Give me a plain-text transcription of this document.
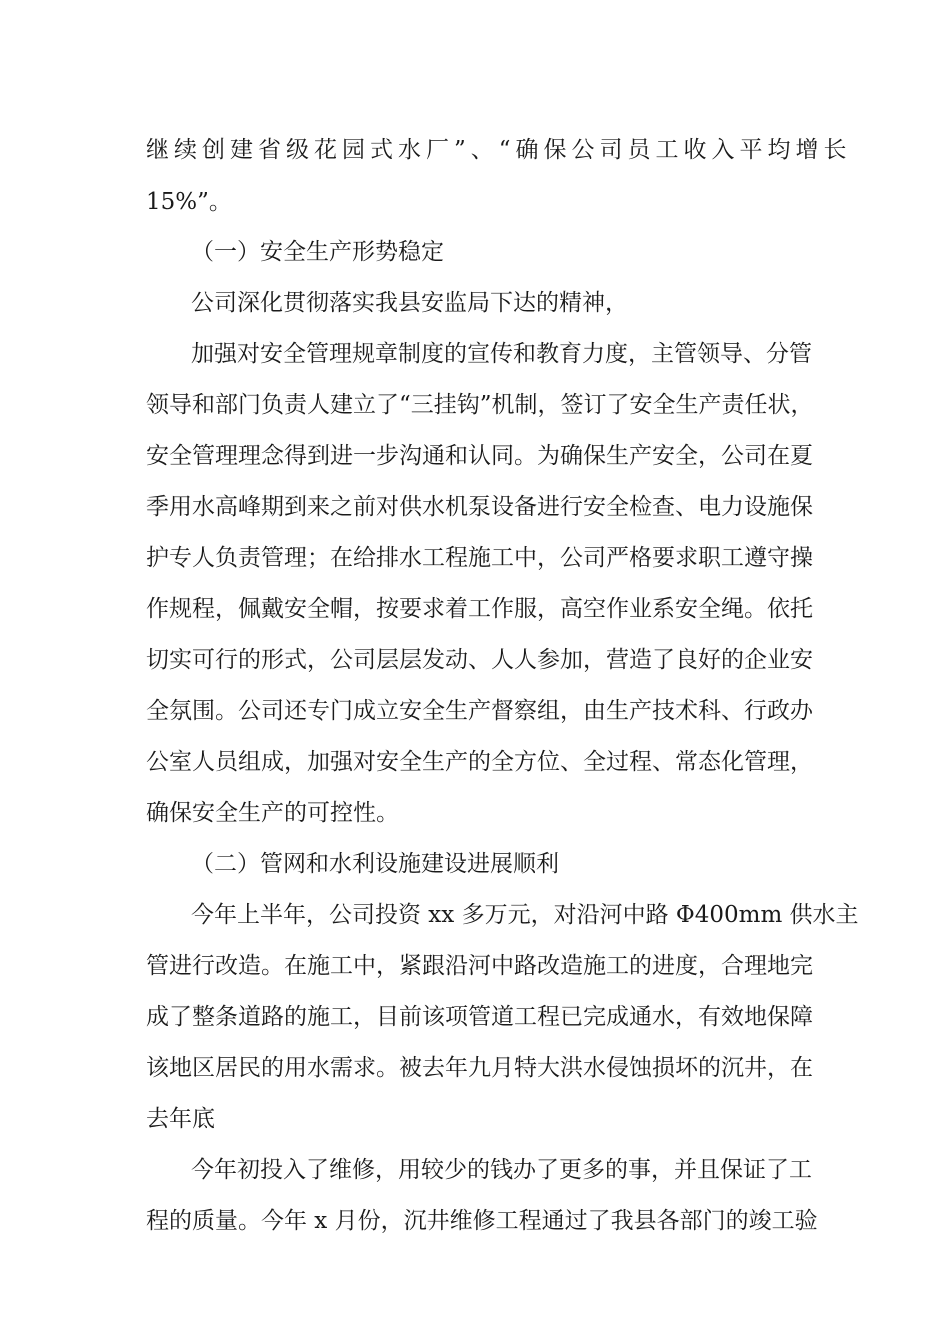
继续创建省级花园式水厂”、“确保公司员工收入平均增长
15%”。
（一）安全生产形势稳定
公司深化贯彻落实我县安监局下达的精神，
加强对安全管理规章制度的宣传和教育力度，主管领导、分管
领导和部门负责人建立了“三挂钩”机制，签订了安全生产责任状，
安全管理理念得到进一步沟通和认同。为确保生产安全，公司在夏
季用水高峰期到来之前对供水机泵设备进行安全检查、电力设施保
护专人负责管理；在给排水工程施工中，公司严格要求职工遵守操
作规程，佩戴安全帽，按要求着工作服，高空作业系安全绳。依托
切实可行的形式，公司层层发动、人人参加，营造了良好的企业安
全氛围。公司还专门成立安全生产督察组，由生产技术科、行政办
公室人员组成，加强对安全生产的全方位、全过程、常态化管理，
确保安全生产的可控性。
（二）管网和水利设施建设进展顺利
今年上半年，公司投资 xx 多万元，对沿河中路 Φ400mm 供水主
管进行改造。在施工中，紧跟沿河中路改造施工的进度，合理地完
成了整条道路的施工，目前该项管道工程已完成通水，有效地保障
该地区居民的用水需求。被去年九月特大洪水侵蚀损坏的沉井，在
去年底
今年初投入了维修，用较少的钱办了更多的事，并且保证了工
程的质量。今年 x 月份，沉井维修工程通过了我县各部门的竣工验
